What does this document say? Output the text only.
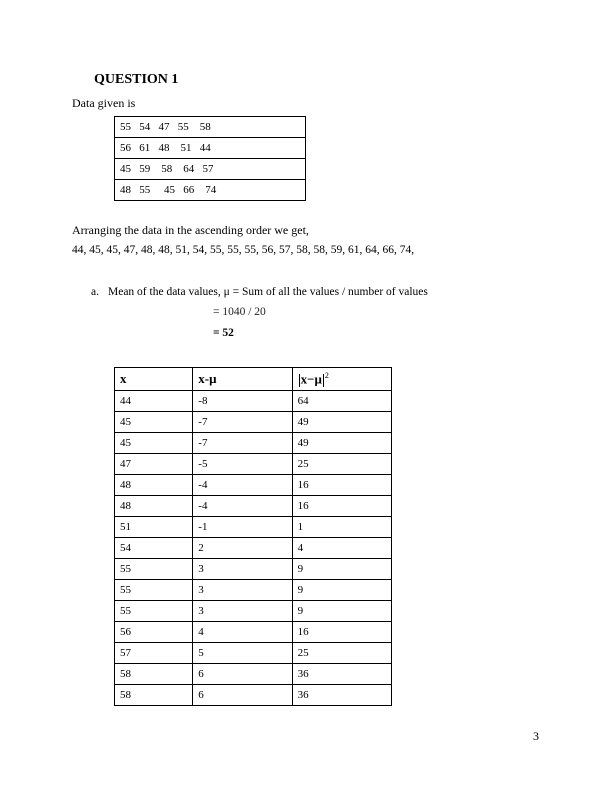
QUESTION 1
Data given is
55   54   47   55    58
56   61   48    51   44
45   59    58    64   57
48   55     45   66    74
Arranging the data in the ascending order we get,
44, 45, 45, 47, 48, 48, 51, 54, 55, 55, 55, 56, 57, 58, 58, 59, 61, 64, 66, 74,
a. Mean of the data values, μ = Sum of all the values / number of values
= 1040 / 20
= 52
x	x-μ	x−μ $^2$
44	-8	64
45	-7	49
45	-7	49
47	-5	25
48	-4	16
48	-4	16
51	-1	1
54	2	4
55	3	9
55	3	9
55	3	9
56	4	16
57	5	25
58	6	36
58	6	36
3
